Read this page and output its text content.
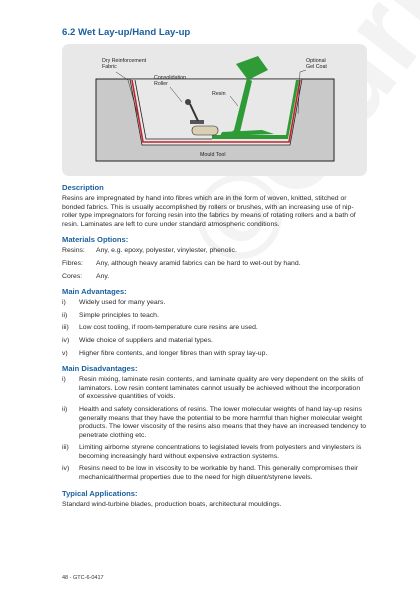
6.2 Wet Lay-up/Hand Lay-up
Dry Reinforcement
Fabric
Consolidation
Roller
Resin
Optional
Gel Coat
Mould Tool
Description

Resins are impregnated by hand into fibres which are in the form of woven, knitted, stitched or bonded fabrics. This is usually accomplished by rollers or brushes, with an increasing use of nip-roller type impregnators for forcing resin into the fabrics by means of rotating rollers and a bath of resin. Laminates are left to cure under standard atmospheric conditions.

Materials Options:
Resins:	Any, e.g. epoxy, polyester, vinylester, phenolic.
Fibres:	Any, although heavy aramid fabrics can be hard to wet-out by hand.
Cores:	Any.
Main Advantages:
i)	Widely used for many years.
ii)	Simple principles to teach.
iii)	Low cost tooling, if room-temperature cure resins are used.
iv)	Wide choice of suppliers and material types.
v)	Higher fibre contents, and longer fibres than with spray lay-up.
Main Disadvantages:
i)	Resin mixing, laminate resin contents, and laminate quality are very dependent on the skills of laminators. Low resin content laminates cannot usually be achieved without the incorporation of excessive quantities of voids.
ii)	Health and safety considerations of resins. The lower molecular weights of hand lay-up resins generally means that they have the potential to be more harmful than higher molecular weight products. The lower viscosity of the resins also means that they have an increased tendency to penetrate clothing etc.
iii)	Limiting airborne styrene concentrations to legislated levels from polyesters and vinylesters is becoming increasingly hard without expensive extraction systems.
iv)	Resins need to be low in viscosity to be workable by hand. This generally compromises their mechanical/thermal properties due to the need for high diluent/styrene levels.
Typical Applications:

Standard wind-turbine blades, production boats, architectural mouldings.

48 - GTC-6-0417
